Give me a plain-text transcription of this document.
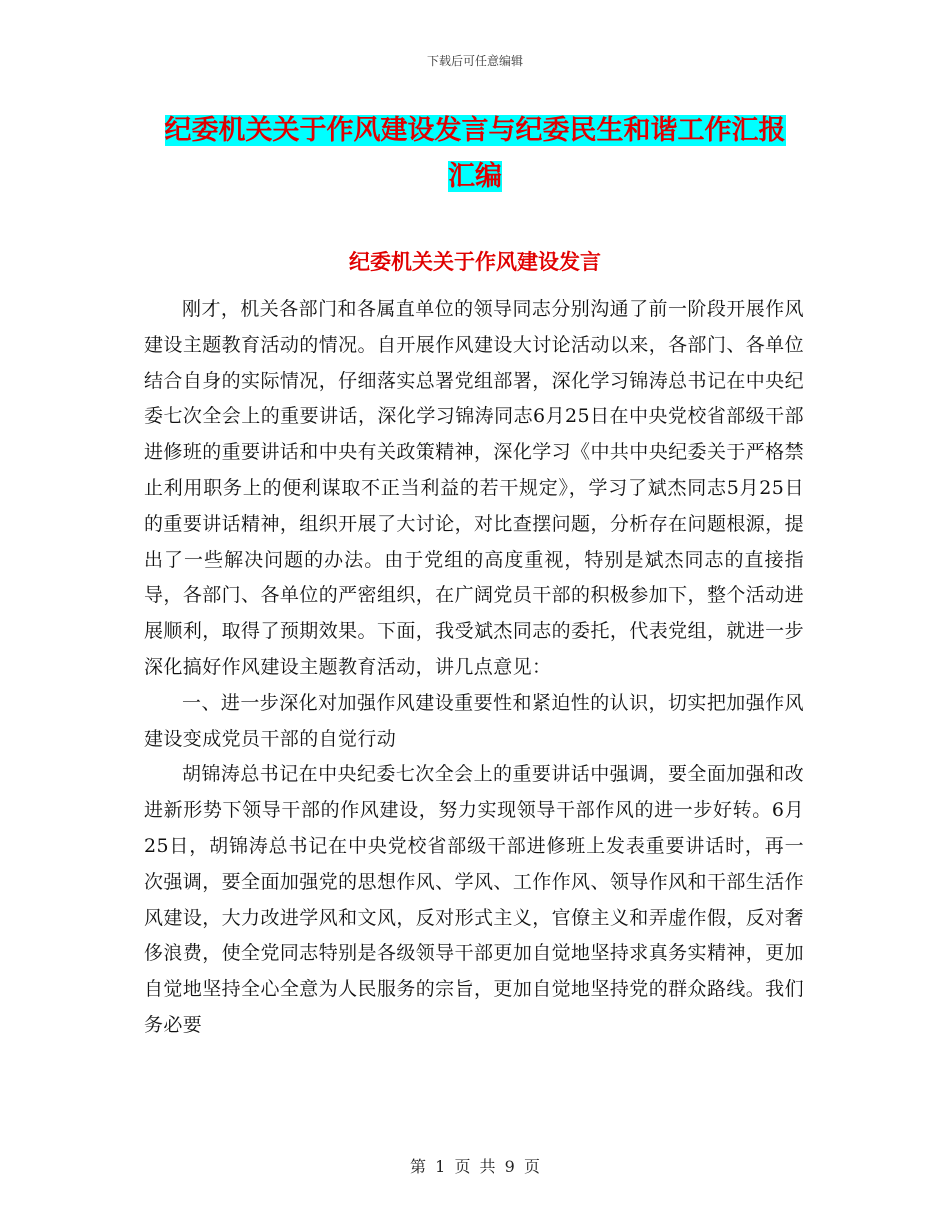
下载后可任意编辑
纪委机关关于作风建设发言与纪委民生和谐工作汇报
汇编
纪委机关关于作风建设发言

刚才，机关各部门和各属直单位的领导同志分别沟通了前一阶段开展作风建设主题教育活动的情况。自开展作风建设大讨论活动以来，各部门、各单位结合自身的实际情况，仔细落实总署党组部署，深化学习锦涛总书记在中央纪委七次全会上的重要讲话，深化学习锦涛同志6月25日在中央党校省部级干部进修班的重要讲话和中央有关政策精神，深化学习《中共中央纪委关于严格禁止利用职务上的便利谋取不正当利益的若干规定》，学习了斌杰同志5月25日的重要讲话精神，组织开展了大讨论，对比查摆问题，分析存在问题根源，提出了一些解决问题的办法。由于党组的高度重视，特别是斌杰同志的直接指导，各部门、各单位的严密组织，在广阔党员干部的积极参加下，整个活动进展顺利，取得了预期效果。下面，我受斌杰同志的委托，代表党组，就进一步深化搞好作风建设主题教育活动，讲几点意见：

一、进一步深化对加强作风建设重要性和紧迫性的认识，切实把加强作风建设变成党员干部的自觉行动

胡锦涛总书记在中央纪委七次全会上的重要讲话中强调，要全面加强和改进新形势下领导干部的作风建设，努力实现领导干部作风的进一步好转。6月25日，胡锦涛总书记在中央党校省部级干部进修班上发表重要讲话时，再一次强调，要全面加强党的思想作风、学风、工作作风、领导作风和干部生活作风建设，大力改进学风和文风，反对形式主义，官僚主义和弄虚作假，反对奢侈浪费，使全党同志特别是各级领导干部更加自觉地坚持求真务实精神，更加自觉地坚持全心全意为人民服务的宗旨，更加自觉地坚持党的群众路线。我们务必要

第 1 页 共 9 页
